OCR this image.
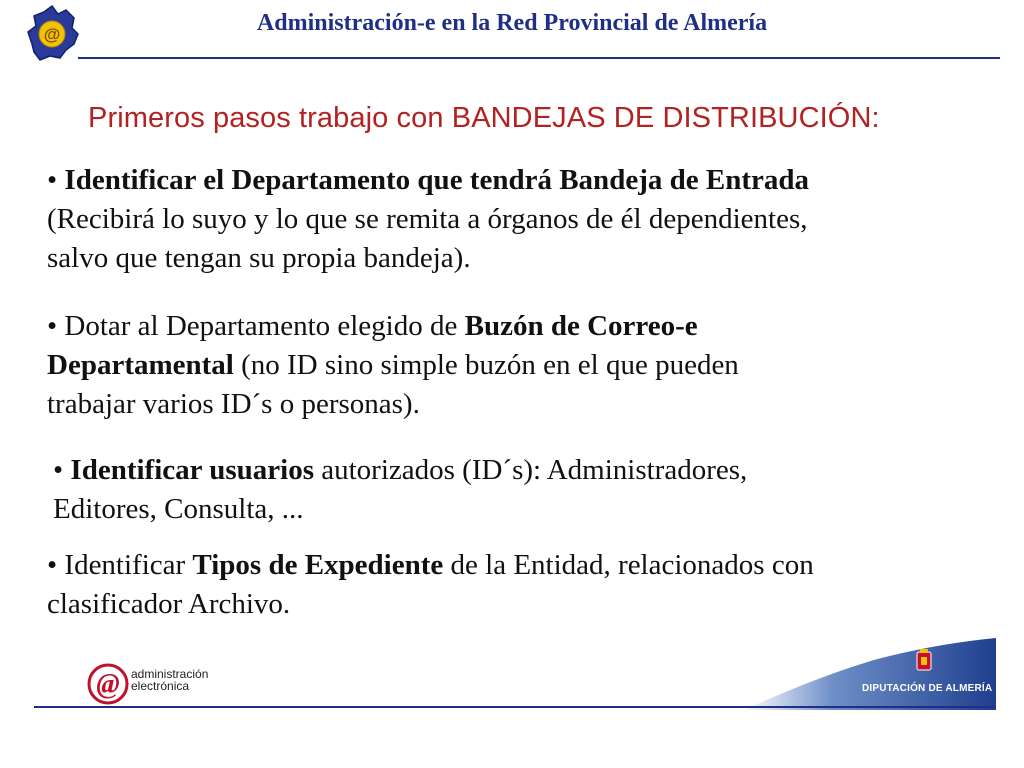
@	Administración-e en la Red Provincial de Almería
Primeros pasos trabajo con BANDEJAS DE DISTRIBUCIÓN:
• Identificar el Departamento que tendrá Bandeja de Entrada
(Recibirá lo suyo y lo que se remita a órganos de él dependientes,
salvo que tengan su propia bandeja).
• Dotar al Departamento elegido de Buzón de Correo-e
Departamental (no ID sino simple buzón en el que pueden
trabajar varios ID´s o personas).
• Identificar usuarios autorizados (ID´s): Administradores,
Editores, Consulta, ...
• Identificar Tipos de Expediente de la Entidad, relacionados con
clasificador Archivo.
@ administración
electrónica	DIPUTACIÓN DE ALMERÍA
